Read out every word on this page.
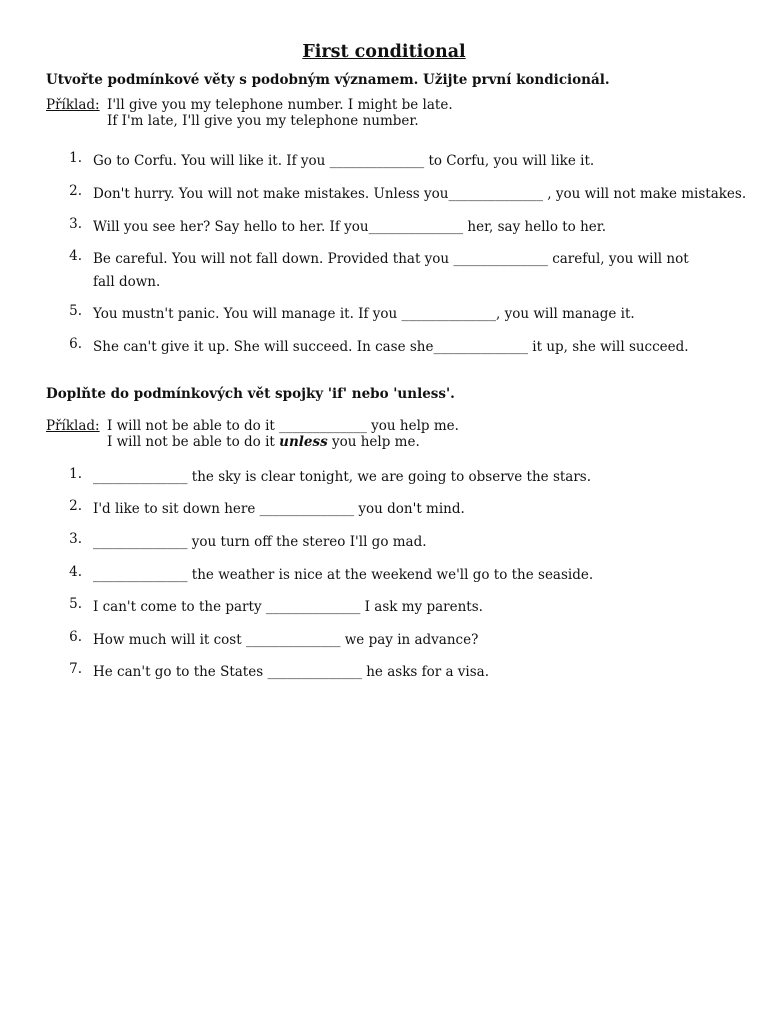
First conditional
Utvořte podmínkové věty s podobným významem. Užijte první kondicionál.
Příklad: I'll give you my telephone number. I might be late.
If I'm late, I'll give you my telephone number.
1. Go to Corfu. You will like it. If you ______________ to Corfu, you will like it.
2. Don't hurry. You will not make mistakes. Unless you______________ , you will not make mistakes.
3. Will you see her? Say hello to her. If you______________ her, say hello to her.
4. Be careful. You will not fall down. Provided that you ______________ careful, you will not fall down.
5. You mustn't panic. You will manage it. If you ______________, you will manage it.
6. She can't give it up. She will succeed. In case she______________ it up, she will succeed.
Doplňte do podmínkových vět spojky 'if' nebo 'unless'.
Příklad: I will not be able to do it _____________ you help me.
I will not be able to do it unless you help me.
1. ______________ the sky is clear tonight, we are going to observe the stars.
2. I'd like to sit down here ______________ you don't mind.
3. ______________ you turn off the stereo I'll go mad.
4. ______________ the weather is nice at the weekend we'll go to the seaside.
5. I can't come to the party ______________ I ask my parents.
6. How much will it cost ______________ we pay in advance?
7. He can't go to the States ______________ he asks for a visa.
